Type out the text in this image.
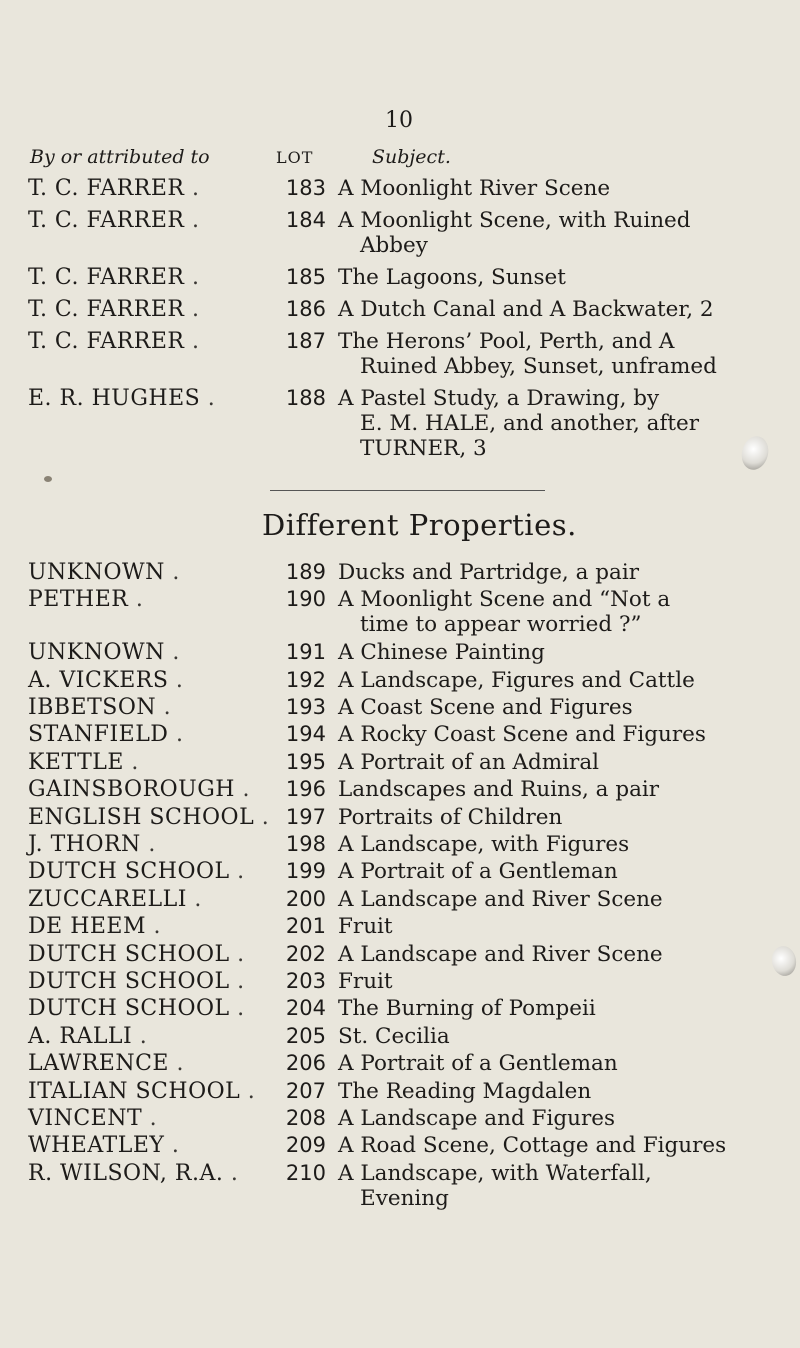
10
By or attributed to	LOT	Subject.
T. C. FARRER .	183 A Moonlight River Scene
T. C. FARRER .	184 A Moonlight Scene, with Ruined
Abbey
T. C. FARRER .	185 The Lagoons, Sunset
T. C. FARRER .	186 A Dutch Canal and A Backwater, 2
T. C. FARRER .	187 The Herons’ Pool, Perth, and A
Ruined Abbey, Sunset, unframed
E. R. HUGHES .	188 A Pastel Study, a Drawing, by
E. M. HALE, and another, after
TURNER, 3
Different Properties.
UNKNOWN .	189 Ducks and Partridge, a pair
PETHER .	190 A Moonlight Scene and “Not a
time to appear worried ?”
UNKNOWN .	191 A Chinese Painting
A. VICKERS .	192 A Landscape, Figures and Cattle
IBBETSON .	193 A Coast Scene and Figures
STANFIELD .	194 A Rocky Coast Scene and Figures
KETTLE .	195 A Portrait of an Admiral
GAINSBOROUGH .	196 Landscapes and Ruins, a pair
ENGLISH SCHOOL . 197 Portraits of Children
J. THORN .	198 A Landscape, with Figures
DUTCH SCHOOL .	199 A Portrait of a Gentleman
ZUCCARELLI .	200 A Landscape and River Scene
DE HEEM .	201 Fruit
DUTCH SCHOOL .	202 A Landscape and River Scene
DUTCH SCHOOL .	203 Fruit
DUTCH SCHOOL .	204 The Burning of Pompeii
A. RALLI .	205 St. Cecilia
LAWRENCE .	206 A Portrait of a Gentleman
ITALIAN SCHOOL .	207 The Reading Magdalen
VINCENT .	208 A Landscape and Figures
WHEATLEY .	209 A Road Scene, Cottage and Figures
R. WILSON, R.A. .	210 A Landscape, with Waterfall,
Evening
